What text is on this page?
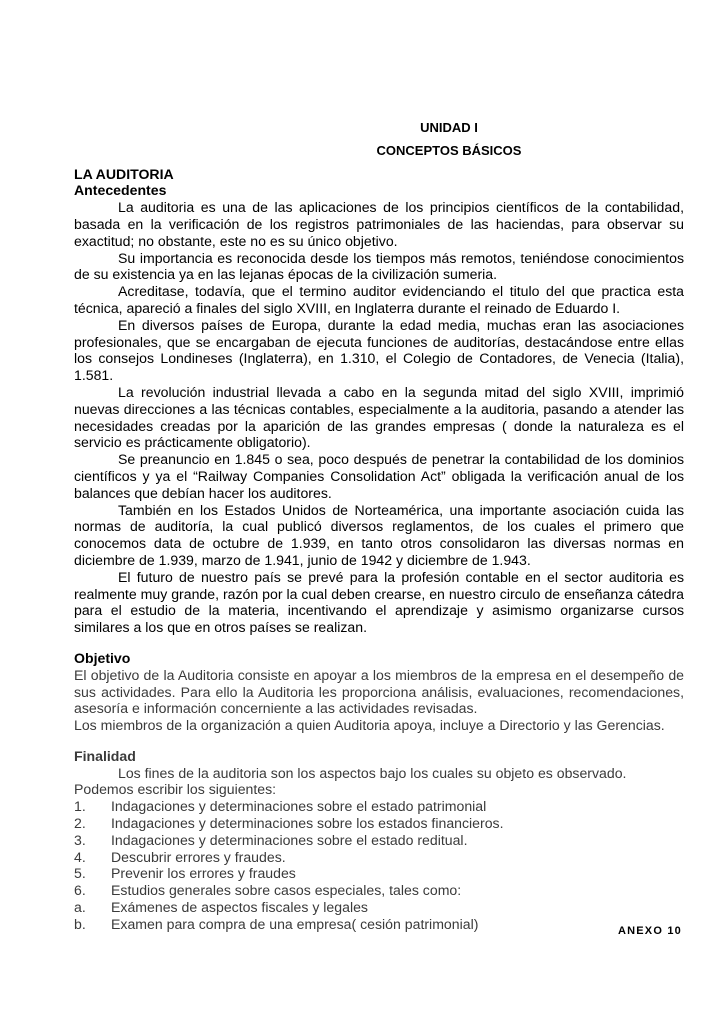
UNIDAD I
CONCEPTOS BÁSICOS
LA AUDITORIA
Antecedentes

La auditoria es una de las aplicaciones de los principios científicos de la contabilidad, basada en la verificación de los registros patrimoniales de las haciendas, para observar su exactitud; no obstante, este no es su único objetivo.

Su importancia es reconocida desde los tiempos más remotos, teniéndose conocimientos de su existencia ya en las lejanas épocas de la civilización sumeria.

Acreditase, todavía, que el termino auditor evidenciando el titulo del que practica esta técnica, apareció a finales del siglo XVIII, en Inglaterra durante el reinado de Eduardo I.

En diversos países de Europa, durante la edad media, muchas eran las asociaciones profesionales, que se encargaban de ejecuta funciones de auditorías, destacándose entre ellas los consejos Londineses (Inglaterra), en 1.310, el Colegio de Contadores, de Venecia (Italia), 1.581.

La revolución industrial llevada a cabo en la segunda mitad del siglo XVIII, imprimió nuevas direcciones a las técnicas contables, especialmente a la auditoria, pasando a atender las necesidades creadas por la aparición de las grandes empresas ( donde la naturaleza es el servicio es prácticamente obligatorio).

Se preanuncio en 1.845 o sea, poco después de penetrar la contabilidad de los dominios científicos y ya el “Railway Companies Consolidation Act” obligada la verificación anual de los balances que debían hacer los auditores.

También en los Estados Unidos de Norteamérica, una importante asociación cuida las normas de auditoría, la cual publicó diversos reglamentos, de los cuales el primero que conocemos data de octubre de 1.939, en tanto otros consolidaron las diversas normas en diciembre de 1.939, marzo de 1.941, junio de 1942 y diciembre de 1.943.

El futuro de nuestro país se prevé para la profesión contable en el sector auditoria es realmente muy grande, razón por la cual deben crearse, en nuestro circulo de enseñanza cátedra para el estudio de la materia, incentivando el aprendizaje y asimismo organizarse cursos similares a los que en otros países se realizan.

Objetivo

El objetivo de la Auditoria consiste en apoyar a los miembros de la empresa en el desempeño de sus actividades. Para ello la Auditoria les proporciona análisis, evaluaciones, recomendaciones, asesoría e información concerniente a las actividades revisadas.

Los miembros de la organización a quien Auditoria apoya, incluye a Directorio y las Gerencias.

Finalidad

Los fines de la auditoria son los aspectos bajo los cuales su objeto es observado.

Podemos escribir los siguientes:

1.	Indagaciones y determinaciones sobre el estado patrimonial
2.	Indagaciones y determinaciones sobre los estados financieros.
3.	Indagaciones y determinaciones sobre el estado reditual.
4.	Descubrir errores y fraudes.
5.	Prevenir los errores y fraudes
6.	Estudios generales sobre casos especiales, tales como:
a.	Exámenes de aspectos fiscales y legales
b.	Examen para compra de una empresa( cesión patrimonial)	ANEXO 10
